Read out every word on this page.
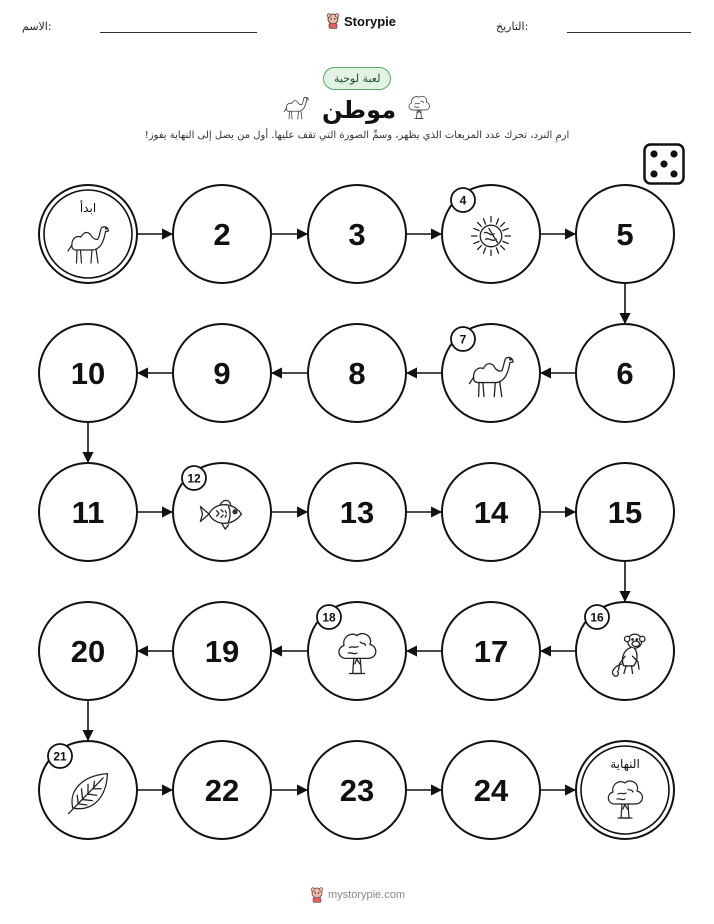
الاسم:	Storypie	التاريخ:
لعبة لوحية
موطن
ارمِ النرد، تحرك عدد المربعات الذي يظهر، وسمِّ الصورة التي تقف عليها. أول من يصل إلى النهاية يفوز!
ابدأ
2	3
4
5
6
7
8
9
10
11
12
13	14	15
16
17
18
19
20
21
22	23	24
النهاية
mystorypie.com
